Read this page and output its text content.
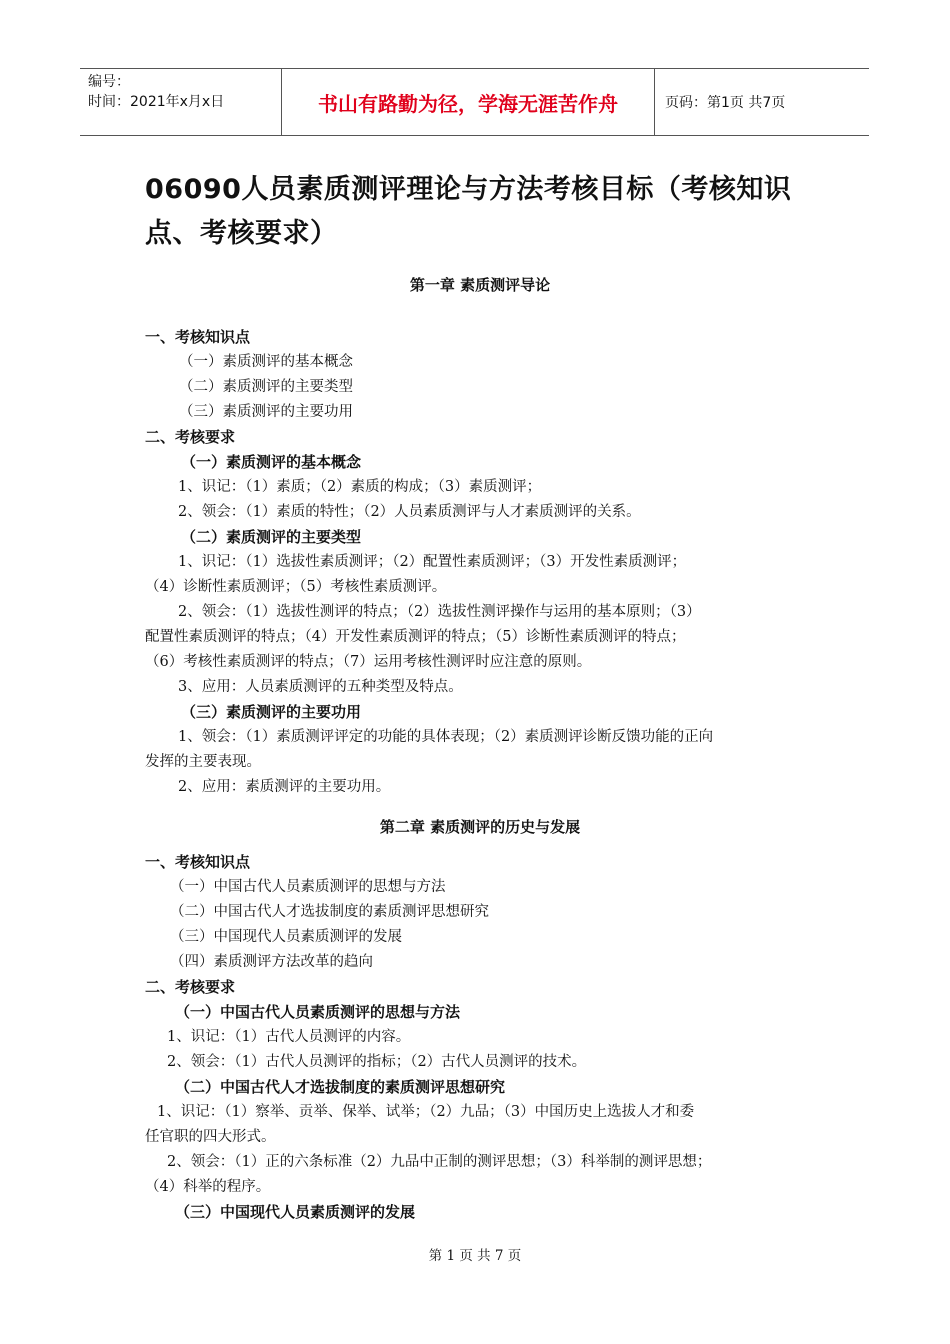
编号：
时间：2021年x月x日	书山有路勤为径，学海无涯苦作舟	页码：第1页 共7页
06090人员素质测评理论与方法考核目标（考核知识点、考核要求）
第一章 素质测评导论
一、考核知识点
（一）素质测评的基本概念
（二）素质测评的主要类型
（三）素质测评的主要功用
二、考核要求
（一）素质测评的基本概念
1、识记：（1）素质；（2）素质的构成；（3）素质测评；
2、领会：（1）素质的特性；（2）人员素质测评与人才素质测评的关系。
（二）素质测评的主要类型
1、识记：（1）选拔性素质测评；（2）配置性素质测评；（3）开发性素质测评；
（4）诊断性素质测评；（5）考核性素质测评。
2、领会：（1）选拔性测评的特点；（2）选拔性测评操作与运用的基本原则；（3）
配置性素质测评的特点；（4）开发性素质测评的特点；（5）诊断性素质测评的特点；
（6）考核性素质测评的特点；（7）运用考核性测评时应注意的原则。
3、应用：人员素质测评的五种类型及特点。
（三）素质测评的主要功用
1、领会：（1）素质测评评定的功能的具体表现；（2）素质测评诊断反馈功能的正向
发挥的主要表现。
2、应用：素质测评的主要功用。
第二章 素质测评的历史与发展
一、考核知识点
（一）中国古代人员素质测评的思想与方法
（二）中国古代人才选拔制度的素质测评思想研究
（三）中国现代人员素质测评的发展
（四）素质测评方法改革的趋向
二、考核要求
（一）中国古代人员素质测评的思想与方法
1、识记：（1）古代人员测评的内容。
2、领会：（1）古代人员测评的指标；（2）古代人员测评的技术。
（二）中国古代人才选拔制度的素质测评思想研究
1、识记：（1）察举、贡举、保举、试举；（2）九品；（3）中国历史上选拔人才和委
任官职的四大形式。
2、领会：（1）正的六条标准（2）九品中正制的测评思想；（3）科举制的测评思想；
（4）科举的程序。
（三）中国现代人员素质测评的发展
第 1 页 共 7 页
